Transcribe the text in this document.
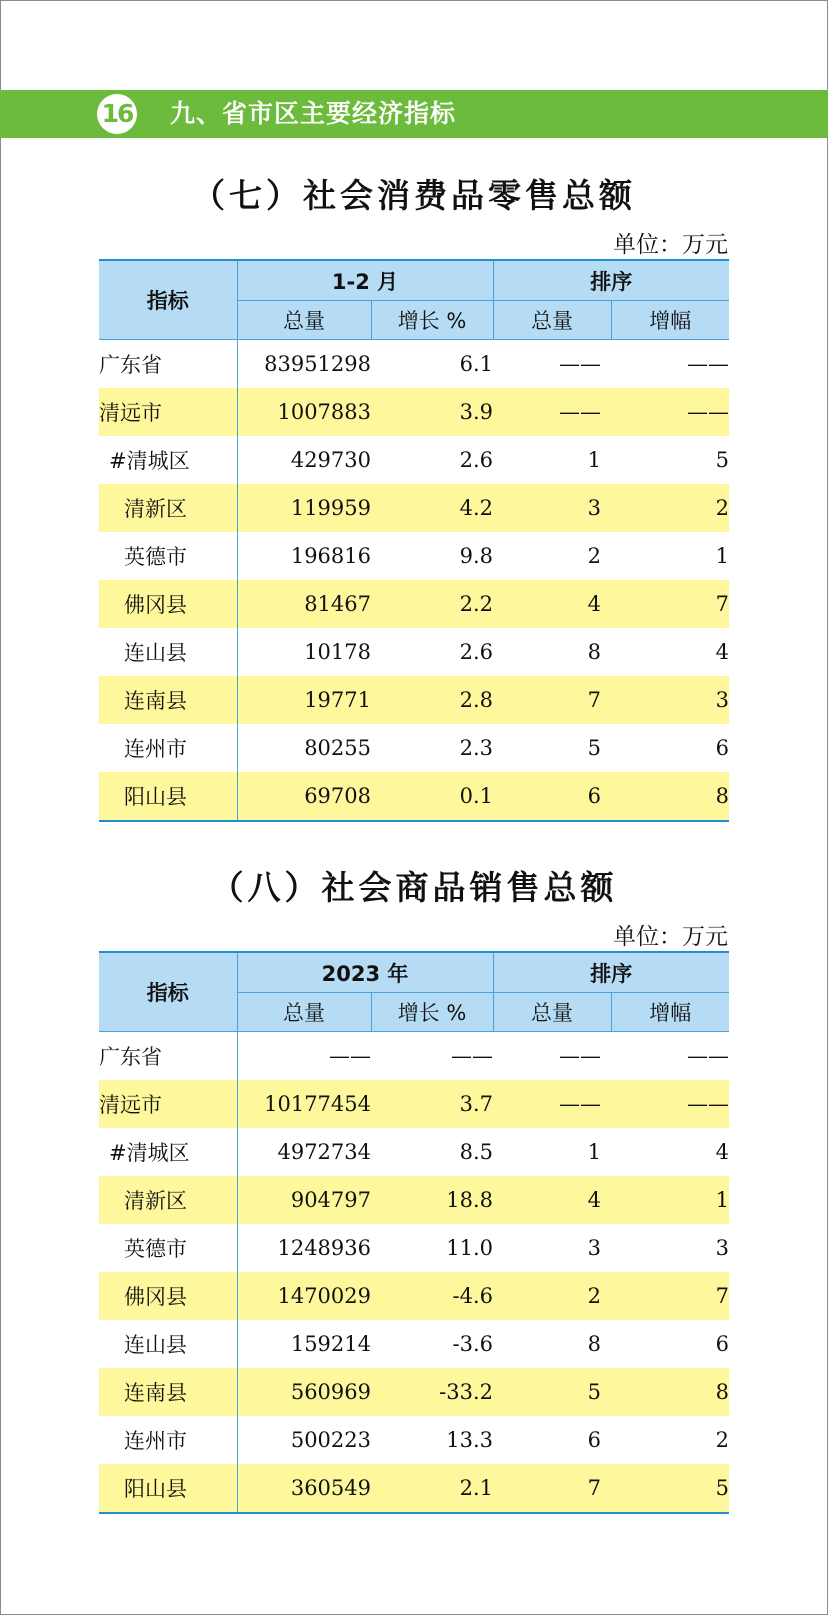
16 九、省市区主要经济指标
（七）社会消费品零售总额
单位：万元
指标	1-2 月		排序	
	总量	增长 %	总量	增幅
广东省	83951298	6.1	——	——
清远市	1007883	3.9	——	——
#清城区	429730	2.6	1	5
清新区	119959	4.2	3	2
英德市	196816	9.8	2	1
佛冈县	81467	2.2	4	7
连山县	10178	2.6	8	4
连南县	19771	2.8	7	3
连州市	80255	2.3	5	6
阳山县	69708	0.1	6	8
（八）社会商品销售总额
单位：万元
指标	2023 年		排序	
	总量	增长 %	总量	增幅
广东省	——	——	——	——
清远市	10177454	3.7	——	——
#清城区	4972734	8.5	1	4
清新区	904797	18.8	4	1
英德市	1248936	11.0	3	3
佛冈县	1470029	-4.6	2	7
连山县	159214	-3.6	8	6
连南县	560969	-33.2	5	8
连州市	500223	13.3	6	2
阳山县	360549	2.1	7	5
